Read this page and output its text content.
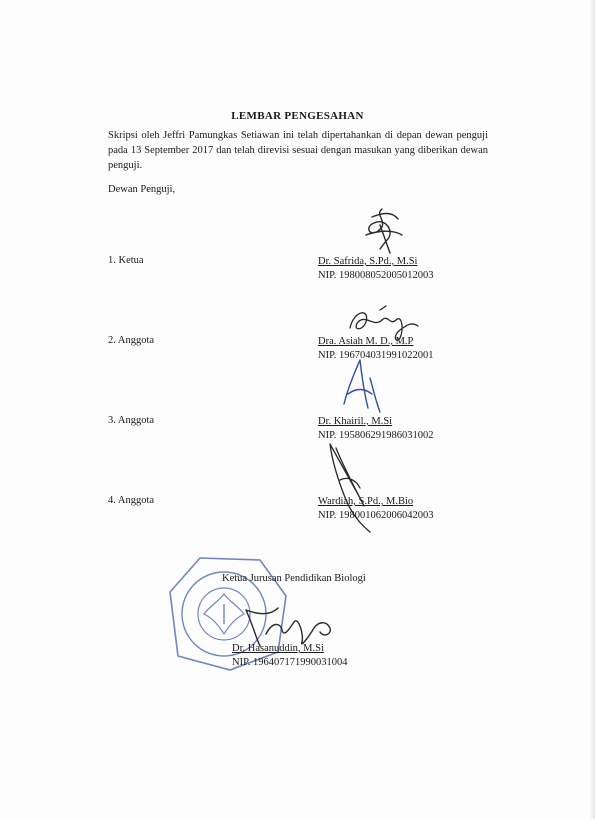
LEMBAR PENGESAHAN
Skripsi oleh Jeffri Pamungkas Setiawan ini telah dipertahankan di depan dewan penguji pada 13 September 2017 dan telah direvisi sesuai dengan masukan yang diberikan dewan penguji.
Dewan Penguji,
1. Ketua	Dr. Safrida, S.Pd., M.Si
NIP. 198008052005012003
2. Anggota	Dra. Asiah M. D., M.P
NIP. 196704031991022001
3. Anggota	Dr. Khairil., M.Si
NIP. 195806291986031002
4. Anggota	Wardiah, S.Pd., M.Bio
NIP. 198001062006042003
Ketua Jurusan Pendidikan Biologi
Dr. Hasanuddin, M.Si
NIP. 196407171990031004
